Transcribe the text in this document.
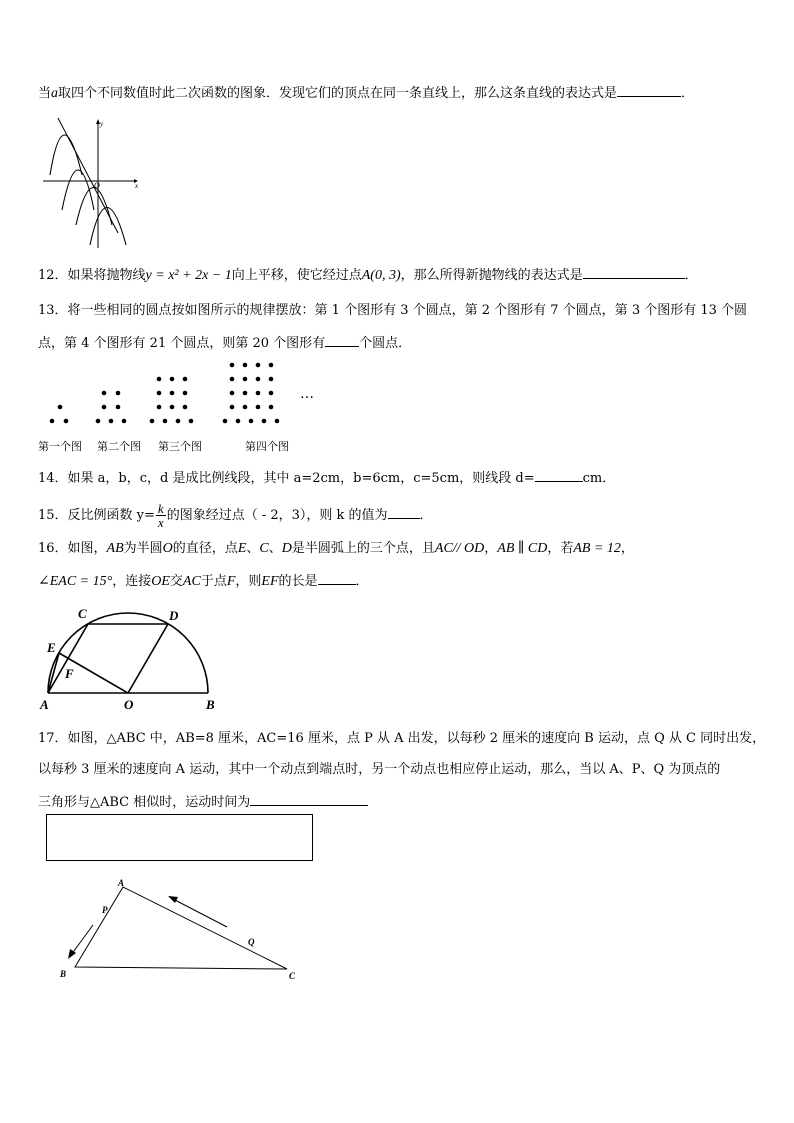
当a取四个不同数值时此二次函数的图象．发现它们的顶点在同一条直线上，那么这条直线的表达式是	．
y
x
O
12．如果将抛物线y = x² + 2x − 1向上平移，使它经过点A(0, 3)，那么所得新抛物线的表达式是	．
13．将一些相同的圆点按如图所示的规律摆放：第 1 个图形有 3 个圆点，第 2 个图形有 7 个圆点，第 3 个图形有 13 个圆
点，第 4 个图形有 21 个圆点，则第 20 个图形有	个圆点．
…
第一个图 第二个图 第三个图	第四个图
14．如果 a，b，c，d 是成比例线段，其中 a=2cm，b=6cm，c=5cm，则线段 d=	cm．
15．反比例函数 $y= \frac{k}{x}$ 的图象经过点（ - 2，3），则 k 的值为 ．
16．如图，AB为半圆O的直径，点E、C、D是半圆弧上的三个点，且AC// OD，AB ∥ CD，若AB = 12，
∠EAC = 15°，连接OE交AC于点F，则EF的长是	．
C	D
E
F
A	O	B
17．如图，△ABC 中，AB=8 厘米，AC=16 厘米，点 P 从 A 出发，以每秒 2 厘米的速度向 B 运动，点 Q 从 C 同时出发，
以每秒 3 厘米的速度向 A 运动，其中一个动点到端点时，另一个动点也相应停止运动，那么，当以 A、P、Q 为顶点的
三角形与△ABC 相似时，运动时间为
A
P
Q
B	C
